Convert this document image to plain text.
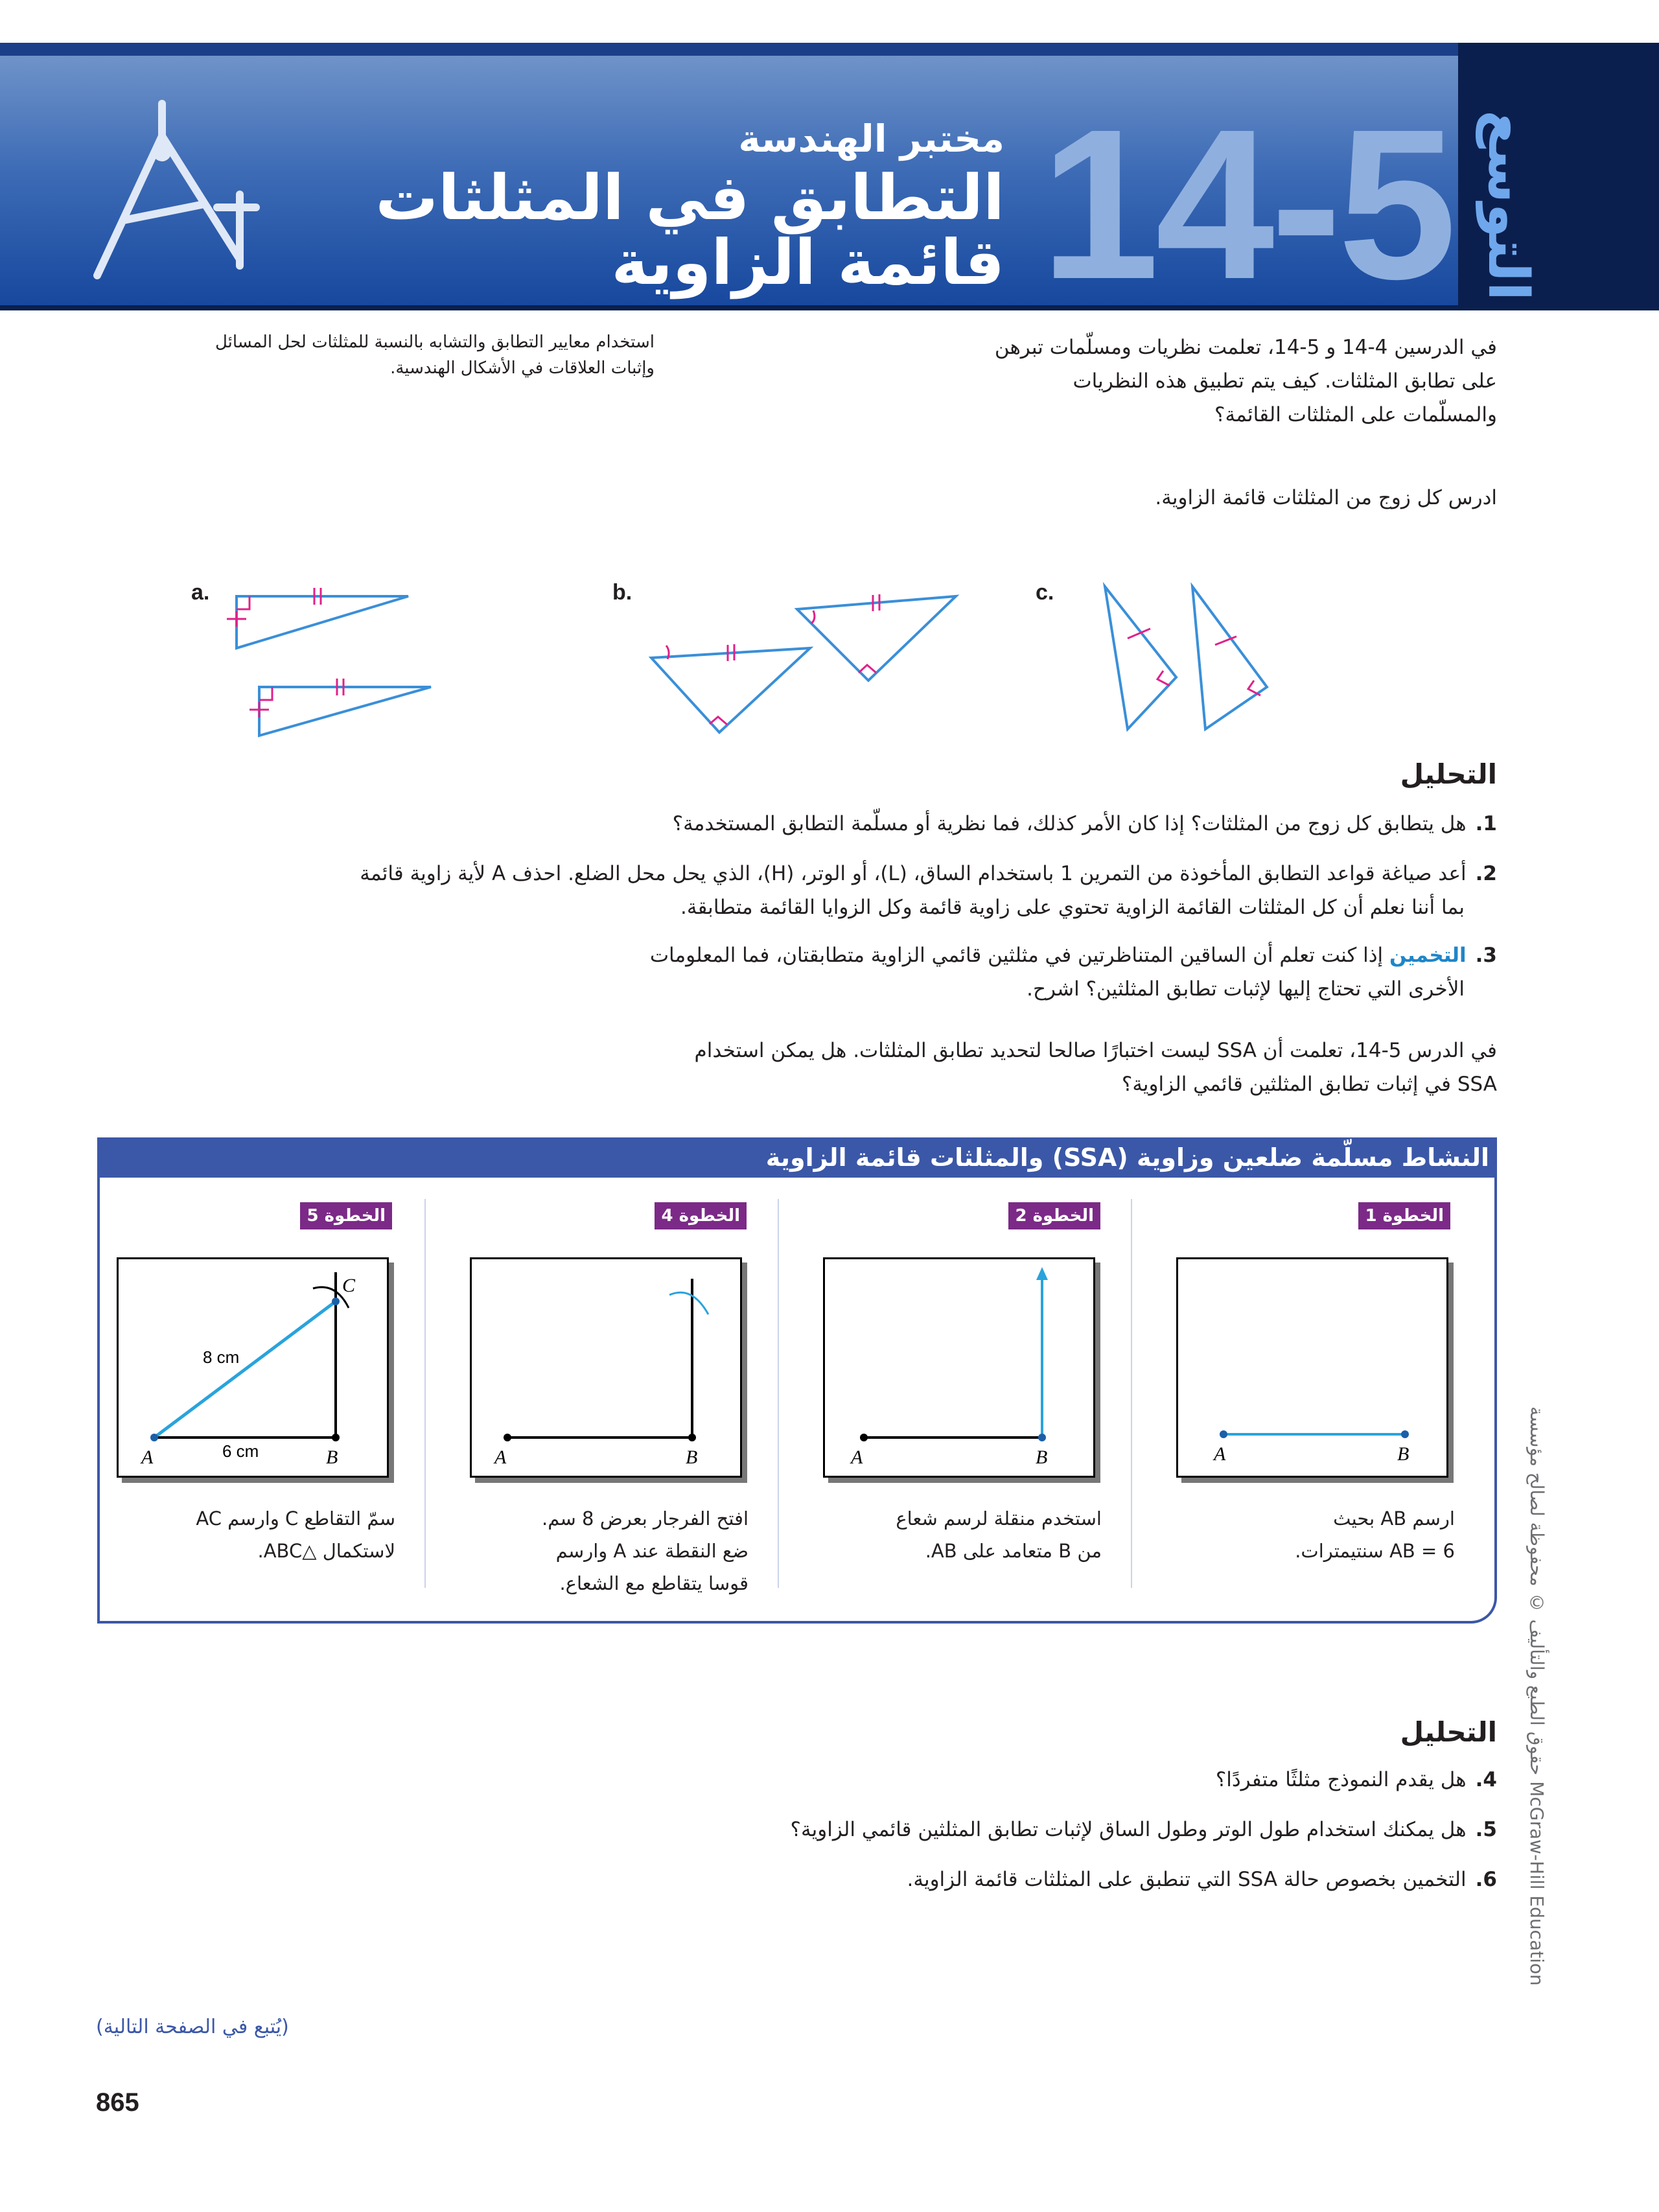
14-5 التوسع
مختبر الهندسة
التطابق في المثلثات
قائمة الزاوية
في الدرسين 4-14 و 5-14، تعلمت نظريات ومسلّمات تبرهن
على تطابق المثلثات. كيف يتم تطبيق هذه النظريات
والمسلّمات على المثلثات القائمة؟
استخدام معايير التطابق والتشابه بالنسبة للمثلثات لحل المسائل
وإثبات العلاقات في الأشكال الهندسية.
ادرس كل زوج من المثلثات قائمة الزاوية.
a.	b.	c.
التحليل
1.هل يتطابق كل زوج من المثلثات؟ إذا كان الأمر كذلك، فما نظرية أو مسلّمة التطابق المستخدمة؟
2.أعد صياغة قواعد التطابق المأخوذة من التمرين 1 باستخدام الساق، (L)، أو الوتر، (H)، الذي يحل محل الضلع. احذف A لأية زاوية قائمة
بما أننا نعلم أن كل المثلثات القائمة الزاوية تحتوي على زاوية قائمة وكل الزوايا القائمة متطابقة.
3.التخمين إذا كنت تعلم أن الساقين المتناظرتين في مثلثين قائمي الزاوية متطابقتان، فما المعلومات
الأخرى التي تحتاج إليها لإثبات تطابق المثلثين؟ اشرح.
في الدرس 5-14، تعلمت أن SSA ليست اختبارًا صالحا لتحديد تطابق المثلثات. هل يمكن استخدام
SSA في إثبات تطابق المثلثين قائمي الزاوية؟
النشاط مسلّمة ضلعين وزاوية (SSA) والمثلثات قائمة الزاوية
الخطوة 1
الخطوة 2
الخطوة 4
الخطوة 5
A	B
A	B
A	B
A	B
C
8 cm
6 cm
ارسم AB بحيث
AB = 6 سنتيمترات.
استخدم منقلة لرسم شعاع
من B متعامد على AB.
افتح الفرجار بعرض 8 سم.
ضع النقطة عند A وارسم
قوسا يتقاطع مع الشعاع.
سمّ التقاطع C وارسم AC
لاستكمال △ABC.
التحليل
4.هل يقدم النموذج مثلثًا متفردًا؟
5.هل يمكنك استخدام طول الوتر وطول الساق لإثبات تطابق المثلثين قائمي الزاوية؟
6.التخمين بخصوص حالة SSA التي تنطبق على المثلثات قائمة الزاوية.
(يُتبع في الصفحة التالية)
865
حقوق الطبع والتأليف © محفوظة لصالح مؤسسة McGraw-Hill Education
